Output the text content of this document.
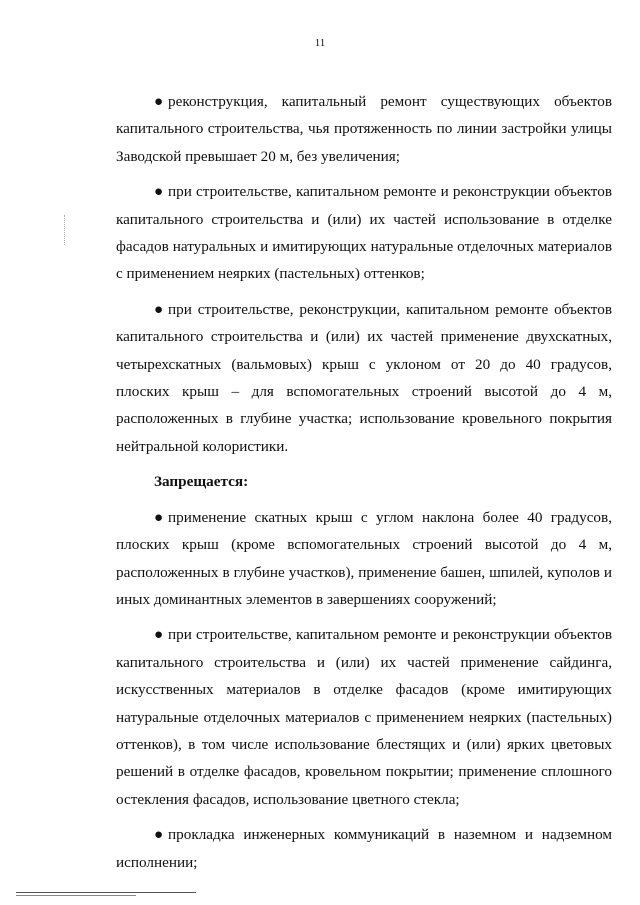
11

● реконструкция, капитальный ремонт существующих объектов капитального строительства, чья протяженность по линии застройки улицы Заводской превышает 20 м, без увеличения;

● при строительстве, капитальном ремонте и реконструкции объектов капитального строительства и (или) их частей использование в отделке фасадов натуральных и имитирующих натуральные отделочных материалов с применением неярких (пастельных) оттенков;

● при строительстве, реконструкции, капитальном ремонте объектов капитального строительства и (или) их частей применение двухскатных, четырехскатных (вальмовых) крыш с уклоном от 20 до 40 градусов, плоских крыш – для вспомогательных строений высотой до 4 м, расположенных в глубине участка; использование кровельного покрытия нейтральной колористики.

Запрещается:

● применение скатных крыш с углом наклона более 40 градусов, плоских крыш (кроме вспомогательных строений высотой до 4 м, расположенных в глубине участков), применение башен, шпилей, куполов и иных доминантных элементов в завершениях сооружений;

● при строительстве, капитальном ремонте и реконструкции объектов капитального строительства и (или) их частей применение сайдинга, искусственных материалов в отделке фасадов (кроме имитирующих натуральные отделочных материалов с применением неярких (пастельных) оттенков), в том числе использование блестящих и (или) ярких цветовых решений в отделке фасадов, кровельном покрытии; применение сплошного остекления фасадов, использование цветного стекла;

● прокладка инженерных коммуникаций в наземном и надземном исполнении;
